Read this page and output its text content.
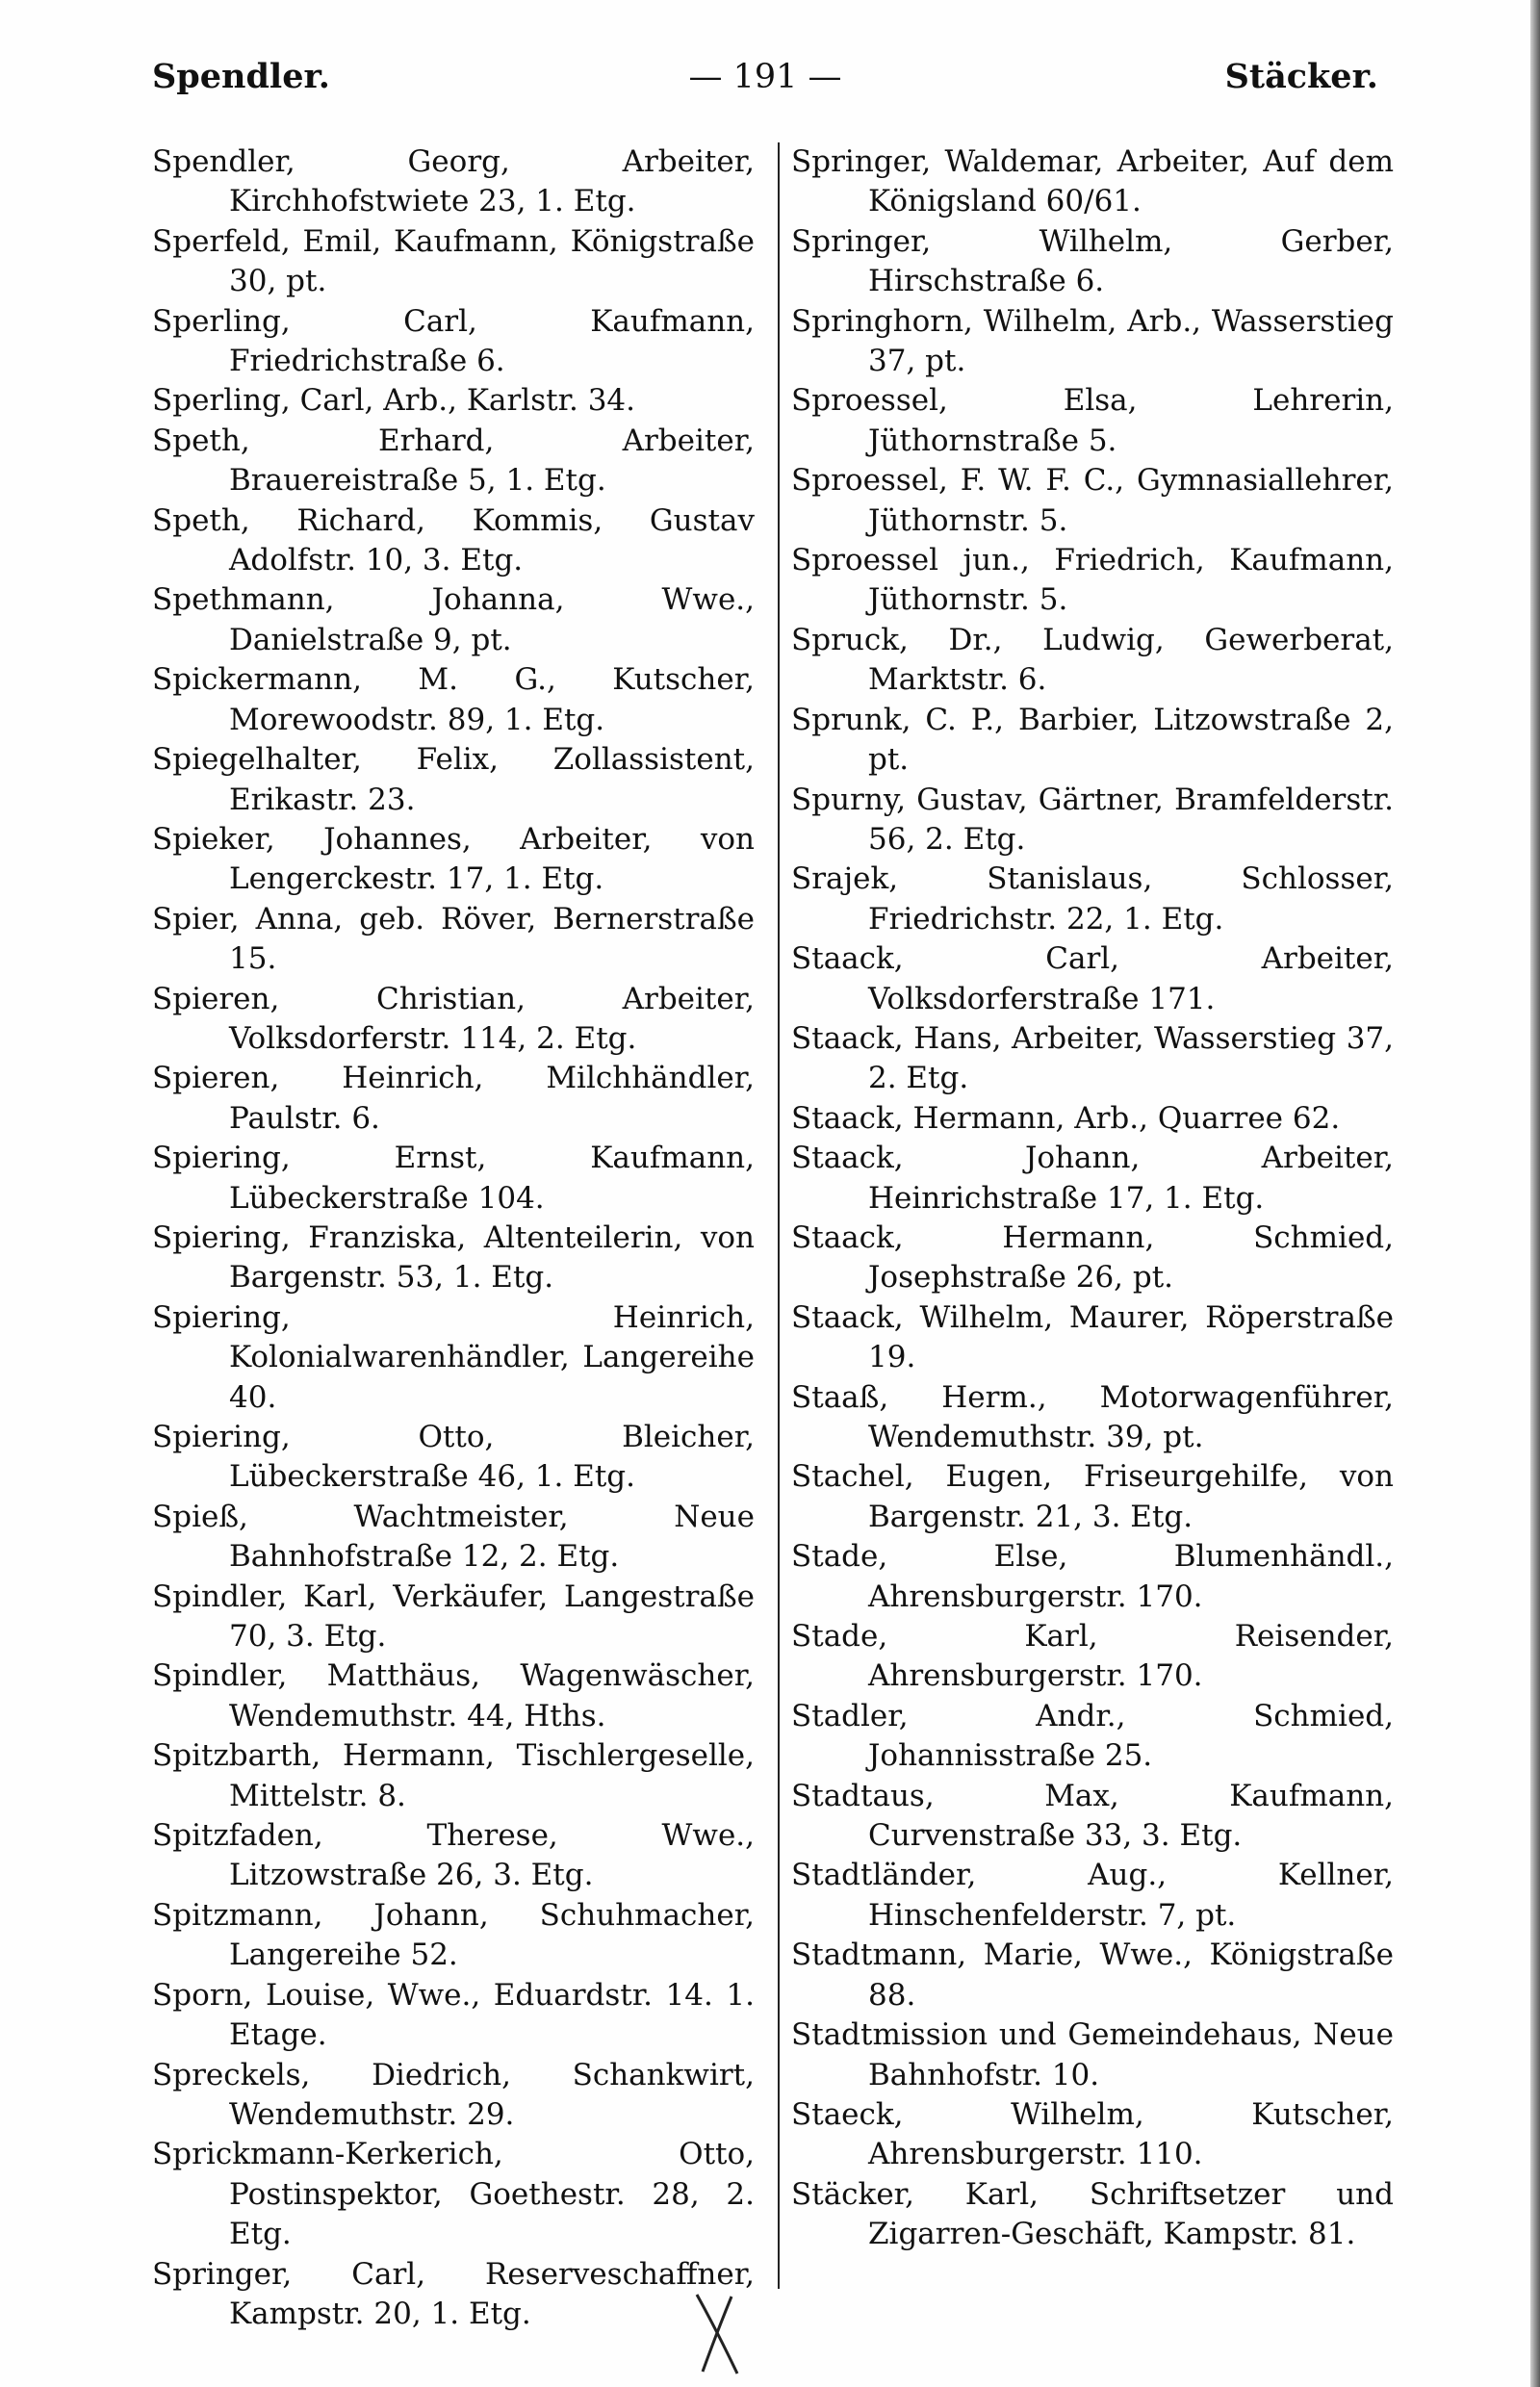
Spendler.	— 191 —	Stäcker.

Spendler, Georg, Arbeiter, Kirchhofstwiete 23, 1. Etg.

Sperfeld, Emil, Kaufmann, Königstraße 30, pt.

Sperling, Carl, Kaufmann, Friedrichstraße 6.

Sperling, Carl, Arb., Karlstr. 34.

Speth, Erhard, Arbeiter, Brauereistraße 5, 1. Etg.

Speth, Richard, Kommis, Gustav Adolfstr. 10, 3. Etg.

Spethmann, Johanna, Wwe., Danielstraße 9, pt.

Spickermann, M. G., Kutscher, Morewoodstr. 89, 1. Etg.

Spiegelhalter, Felix, Zollassistent, Erikastr. 23.

Spieker, Johannes, Arbeiter, von Lengerckestr. 17, 1. Etg.

Spier, Anna, geb. Röver, Bernerstraße 15.

Spieren, Christian, Arbeiter, Volksdorferstr. 114, 2. Etg.

Spieren, Heinrich, Milchhändler, Paulstr. 6.

Spiering, Ernst, Kaufmann, Lübeckerstraße 104.

Spiering, Franziska, Altenteilerin, von Bargenstr. 53, 1. Etg.

Spiering, Heinrich, Kolonialwarenhändler, Langereihe 40.

Spiering, Otto, Bleicher, Lübeckerstraße 46, 1. Etg.

Spieß, Wachtmeister, Neue Bahnhofstraße 12, 2. Etg.

Spindler, Karl, Verkäufer, Langestraße 70, 3. Etg.

Spindler, Matthäus, Wagenwäscher, Wendemuthstr. 44, Hths.

Spitzbarth, Hermann, Tischlergeselle, Mittelstr. 8.

Spitzfaden, Therese, Wwe., Litzowstraße 26, 3. Etg.

Spitzmann, Johann, Schuhmacher, Langereihe 52.

Sporn, Louise, Wwe., Eduardstr. 14. 1. Etage.

Spreckels, Diedrich, Schankwirt, Wendemuthstr. 29.

Sprickmann-Kerkerich, Otto, Postinspektor, Goethestr. 28, 2. Etg.

Springer, Carl, Reserveschaffner, Kampstr. 20, 1. Etg.

Springer, Waldemar, Arbeiter, Auf dem Königsland 60/61.

Springer, Wilhelm, Gerber, Hirschstraße 6.

Springhorn, Wilhelm, Arb., Wasserstieg 37, pt.

Sproessel, Elsa, Lehrerin, Jüthornstraße 5.

Sproessel, F. W. F. C., Gymnasiallehrer, Jüthornstr. 5.

Sproessel jun., Friedrich, Kaufmann, Jüthornstr. 5.

Spruck, Dr., Ludwig, Gewerberat, Marktstr. 6.

Sprunk, C. P., Barbier, Litzowstraße 2, pt.

Spurny, Gustav, Gärtner, Bramfelderstr. 56, 2. Etg.

Srajek, Stanislaus, Schlosser, Friedrichstr. 22, 1. Etg.

Staack, Carl, Arbeiter, Volksdorferstraße 171.

Staack, Hans, Arbeiter, Wasserstieg 37, 2. Etg.

Staack, Hermann, Arb., Quarree 62.

Staack, Johann, Arbeiter, Heinrichstraße 17, 1. Etg.

Staack, Hermann, Schmied, Josephstraße 26, pt.

Staack, Wilhelm, Maurer, Röperstraße 19.

Staaß, Herm., Motorwagenführer, Wendemuthstr. 39, pt.

Stachel, Eugen, Friseurgehilfe, von Bargenstr. 21, 3. Etg.

Stade, Else, Blumenhändl., Ahrensburgerstr. 170.

Stade, Karl, Reisender, Ahrensburgerstr. 170.

Stadler, Andr., Schmied, Johannisstraße 25.

Stadtaus, Max, Kaufmann, Curvenstraße 33, 3. Etg.

Stadtländer, Aug., Kellner, Hinschenfelderstr. 7, pt.

Stadtmann, Marie, Wwe., Königstraße 88.

Stadtmission und Gemeindehaus, Neue Bahnhofstr. 10.

Staeck, Wilhelm, Kutscher, Ahrensburgerstr. 110.

Stäcker, Karl, Schriftsetzer und Zigarren-Geschäft, Kampstr. 81.
